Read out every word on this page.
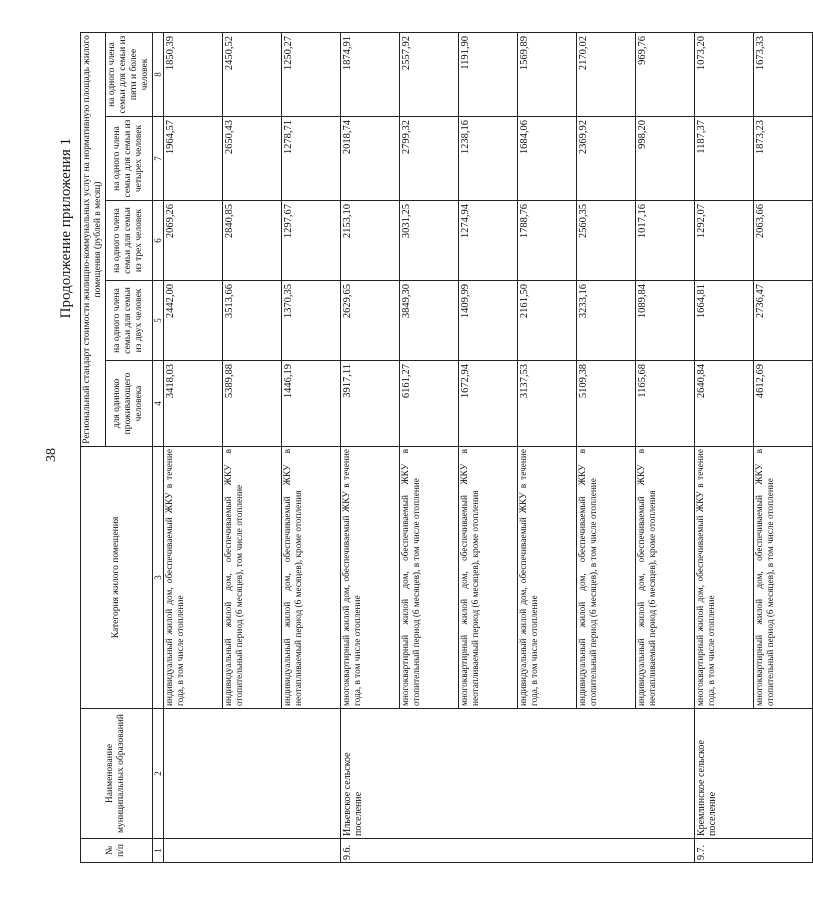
38
Продолжение приложения 1
№ п/п	Наименование муниципальных образований	Категория жилого помещения	Региональный стандарт стоимости жилищно-коммунальных услуг на нормативную площадь жилого помещения (рублей в месяц)				
			для одиноко проживающего человека	на одного члена семьи для семьи из двух человек	на одного члена семьи для семьи из трех человек	на одного члена семьи для семьи из четырех человек	на одного члена семьи для семьи из пяти и более человек
1	2	3	4	5	6	7	8
		индивидуальный жилой дом, обеспечиваемый ЖКУ в течение года, в том числе отопление	3418,03	2442,00	2069,26	1964,57	1850,39
		индивидуальный жилой дом, обеспечиваемый ЖКУ в отопительный период (6 месяцев), том числе отопление	5389,88	3513,66	2840,85	2650,43	2450,52
		индивидуальный жилой дом, обеспечиваемый ЖКУ в неотапливаемый период (6 месяцев), кроме отопления	1446,19	1370,35	1297,67	1278,71	1250,27
9.6.	Ильевское сельское поселение	многоквартирный жилой дом, обеспечиваемый ЖКУ в течение года, в том числе отопление	3917,11	2629,65	2153,10	2018,74	1874,91
		многоквартирный жилой дом, обеспечиваемый ЖКУ в отопительный период (6 месяцев), в том числе отопление	6161,27	3849,30	3031,25	2799,32	2557,92
		многоквартирный жилой дом, обеспечиваемый ЖКУ в неотапливаемый период (6 месяцев), кроме отопления	1672,94	1409,99	1274,94	1238,16	1191,90
		индивидуальный жилой дом, обеспечиваемый ЖКУ в течение года, в том числе отопление	3137,53	2161,50	1788,76	1684,06	1569,89
		индивидуальный жилой дом, обеспечиваемый ЖКУ в отопительный период (6 месяцев), в том числе отопление	5109,38	3233,16	2560,35	2369,92	2170,02
		индивидуальный жилой дом, обеспечиваемый ЖКУ в неотапливаемый период (6 месяцев), кроме отопления	1165,68	1089,84	1017,16	998,20	969,76
9.7.	Кремлинское сельское поселение	многоквартирный жилой дом, обеспечиваемый ЖКУ в течение года, в том числе отопление	2640,84	1664,81	1292,07	1187,37	1073,20
		многоквартирный жилой дом, обеспечиваемый ЖКУ в отопительный период (6 месяцев), в том числе отопление	4612,69	2736,47	2063,66	1873,23	1673,33
